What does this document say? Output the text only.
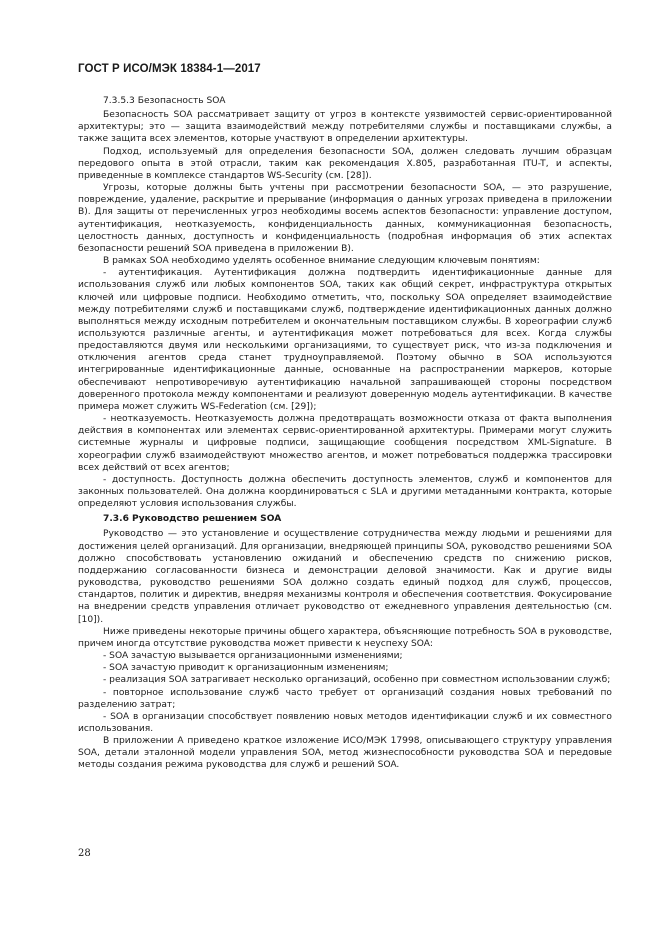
ГОСТ Р ИСО/МЭК 18384-1—2017

7.3.5.3 Безопасность SOA

Безопасность SOA рассматривает защиту от угроз в контексте уязвимостей сервис-ориентированной архитектуры; это — защита взаимодействий между потребителями службы и поставщиками службы, а также защита всех элементов, которые участвуют в определении архитектуры.

Подход, используемый для определения безопасности SOA, должен следовать лучшим образцам передового опыта в этой отрасли, таким как рекомендация X.805, разработанная ITU-T, и аспекты, приведенные в комплексе стандартов WS-Security (см. [28]).

Угрозы, которые должны быть учтены при рассмотрении безопасности SOA, — это разрушение, повреждение, удаление, раскрытие и прерывание (информация о данных угрозах приведена в приложении B). Для защиты от перечисленных угроз необходимы восемь аспектов безопасности: управление доступом, аутентификация, неотказуемость, конфиденциальность данных, коммуникационная безопасность, целостность данных, доступность и конфиденциальность (подробная информация об этих аспектах безопасности решений SOA приведена в приложении B).

В рамках SOA необходимо уделять особенное внимание следующим ключевым понятиям:

- аутентификация. Аутентификация должна подтвердить идентификационные данные для использования служб или любых компонентов SOA, таких как общий секрет, инфраструктура открытых ключей или цифровые подписи. Необходимо отметить, что, поскольку SOA определяет взаимодействие между потребителями служб и поставщиками служб, подтверждение идентификационных данных должно выполняться между исходным потребителем и окончательным поставщиком службы. В хореографии служб используются различные агенты, и аутентификация может потребоваться для всех. Когда службы предоставляются двумя или несколькими организациями, то существует риск, что из-за подключения и отключения агентов среда станет трудноуправляемой. Поэтому обычно в SOA используются интегрированные идентификационные данные, основанные на распространении маркеров, которые обеспечивают непротиворечивую аутентификацию начальной запрашивающей стороны посредством доверенного протокола между компонентами и реализуют доверенную модель аутентификации. В качестве примера может служить WS-Federation (см. [29]);

- неотказуемость. Неотказуемость должна предотвращать возможности отказа от факта выполнения действия в компонентах или элементах сервис-ориентированной архитектуры. Примерами могут служить системные журналы и цифровые подписи, защищающие сообщения посредством XML-Signature. В хореографии служб взаимодействуют множество агентов, и может потребоваться поддержка трассировки всех действий от всех агентов;

- доступность. Доступность должна обеспечить доступность элементов, служб и компонентов для законных пользователей. Она должна координироваться с SLA и другими метаданными контракта, которые определяют условия использования службы.

7.3.6 Руководство решением SOA

Руководство — это установление и осуществление сотрудничества между людьми и решениями для достижения целей организаций. Для организации, внедряющей принципы SOA, руководство решениями SOA должно способствовать установлению ожиданий и обеспечению средств по снижению рисков, поддержанию согласованности бизнеса и демонстрации деловой значимости. Как и другие виды руководства, руководство решениями SOA должно создать единый подход для служб, процессов, стандартов, политик и директив, внедряя механизмы контроля и обеспечения соответствия. Фокусирование на внедрении средств управления отличает руководство от ежедневного управления деятельностью (см. [10]).

Ниже приведены некоторые причины общего характера, объясняющие потребность SOA в руководстве, причем иногда отсутствие руководства может привести к неуспеху SOA:

- SOA зачастую вызывается организационными изменениями;

- SOA зачастую приводит к организационным изменениям;

- реализация SOA затрагивает несколько организаций, особенно при совместном использовании служб;

- повторное использование служб часто требует от организаций создания новых требований по разделению затрат;

- SOA в организации способствует появлению новых методов идентификации служб и их совместного использования.

В приложении А приведено краткое изложение ИСО/МЭК 17998, описывающего структуру управления SOA, детали эталонной модели управления SOA, метод жизнеспособности руководства SOA и передовые методы создания режима руководства для служб и решений SOA.

28
